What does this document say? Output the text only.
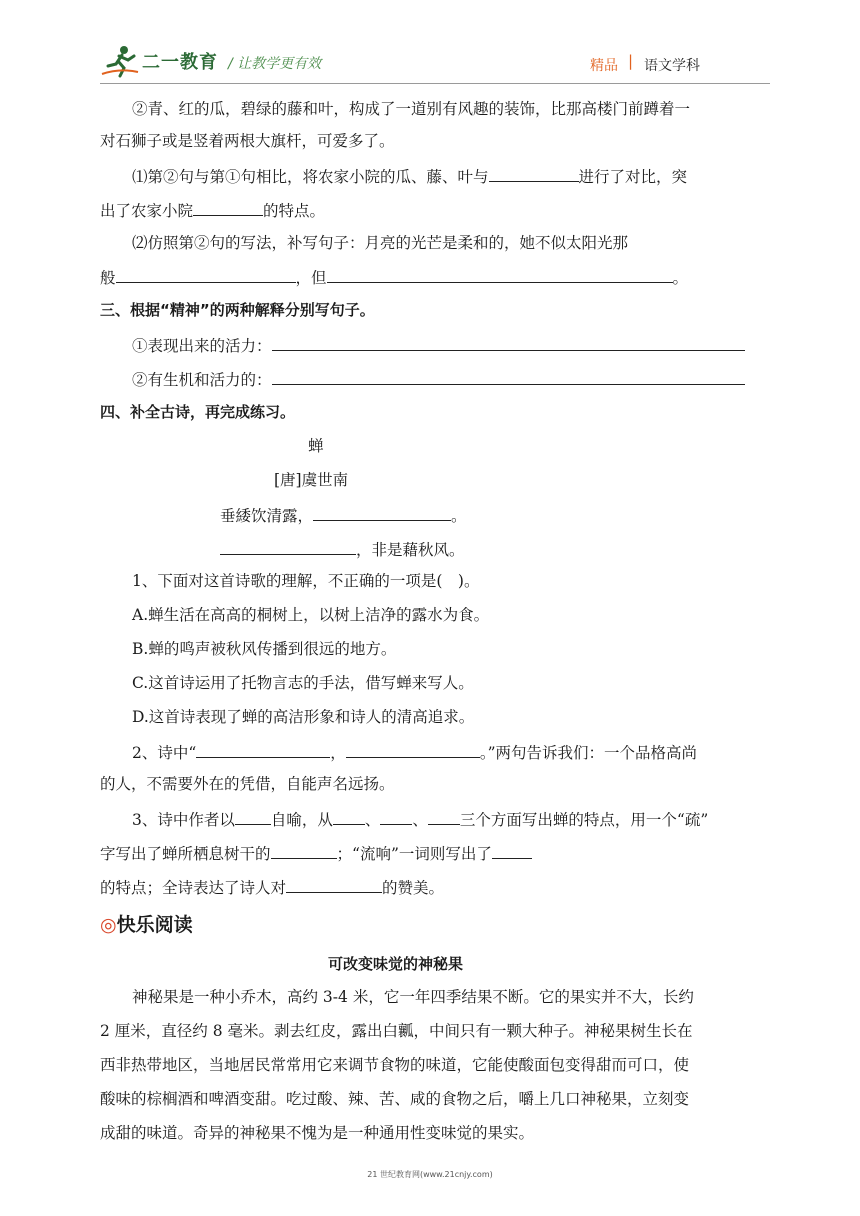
二一教育 / 让教学更有效	精品 | 语文学科
②青、红的瓜，碧绿的藤和叶，构成了一道别有风趣的装饰，比那高楼门前蹲着一
对石狮子或是竖着两根大旗杆，可爱多了。
⑴第②句与第①句相比，将农家小院的瓜、藤、叶与	进行了对比，突
出了农家小院	的特点。
⑵仿照第②句的写法，补写句子：月亮的光芒是柔和的，她不似太阳光那
般	，但	。
三、根据“精神”的两种解释分别写句子。
①表现出来的活力：
②有生机和活力的：
四、补全古诗，再完成练习。
蝉
[唐]虞世南
垂緌饮清露，	。
，非是藉秋风。
1、下面对这首诗歌的理解，不正确的一项是(　)。
A.蝉生活在高高的桐树上，以树上洁净的露水为食。
B.蝉的鸣声被秋风传播到很远的地方。
C.这首诗运用了托物言志的手法，借写蝉来写人。
D.这首诗表现了蝉的高洁形象和诗人的清高追求。
2、诗中“	，	。”两句告诉我们：一个品格高尚
的人，不需要外在的凭借，自能声名远扬。
3、诗中作者以 自喻，从 、 、 三个方面写出蝉的特点，用一个“疏”
字写出了蝉所栖息树干的	；“流响”一词则写出了
的特点；全诗表达了诗人对	的赞美。
◎快乐阅读
可改变味觉的神秘果
神秘果是一种小乔木，高约 3-4 米，它一年四季结果不断。它的果实并不大，长约
2 厘米，直径约 8 毫米。剥去红皮，露出白瓤，中间只有一颗大种子。神秘果树生长在
西非热带地区，当地居民常常用它来调节食物的味道，它能使酸面包变得甜而可口，使
酸味的棕榈酒和啤酒变甜。吃过酸、辣、苦、咸的食物之后，嚼上几口神秘果，立刻变
成甜的味道。奇异的神秘果不愧为是一种通用性变味觉的果实。
21 世纪教育网(www.21cnjy.com)
